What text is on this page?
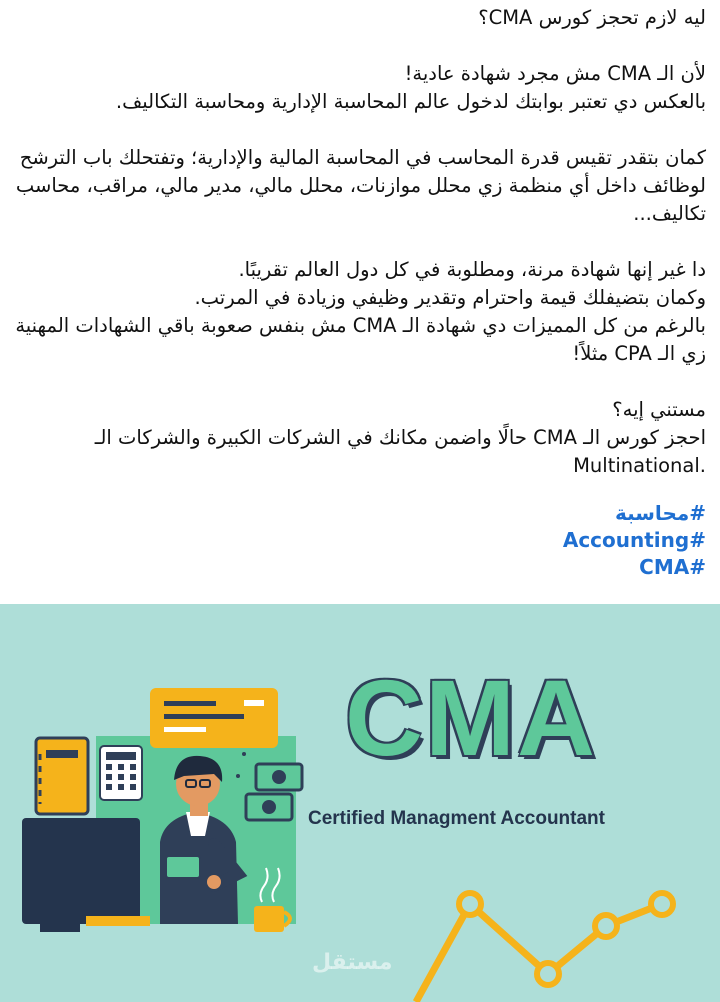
ليه لازم تحجز كورس CMA؟

لأن الـ CMA مش مجرد شهادة عادية!

بالعكس دي تعتبر بوابتك لدخول عالم المحاسبة الإدارية ومحاسبة التكاليف.

كمان بتقدر تقيس قدرة المحاسب في المحاسبة المالية والإدارية؛ وتفتحلك باب الترشح

لوظائف داخل أي منظمة زي محلل موازنات، محلل مالي، مدير مالي، مراقب، محاسب

تكاليف...

دا غير إنها شهادة مرنة، ومطلوبة في كل دول العالم تقريبًا.

وكمان بتضيفلك قيمة واحترام وتقدير وظيفي وزيادة في المرتب.

بالرغم من كل المميزات دي شهادة الـ CMA مش بنفس صعوبة باقي الشهادات المهنية

زي الـ CPA مثلاً!

مستني إيه؟

احجز كورس الـ CMA حالًا واضمن مكانك في الشركات الكبيرة والشركات الـ

Multinational.

#محاسبة

#Accounting

#CMA

CMA

Certified Managment Accountant

مستقل
